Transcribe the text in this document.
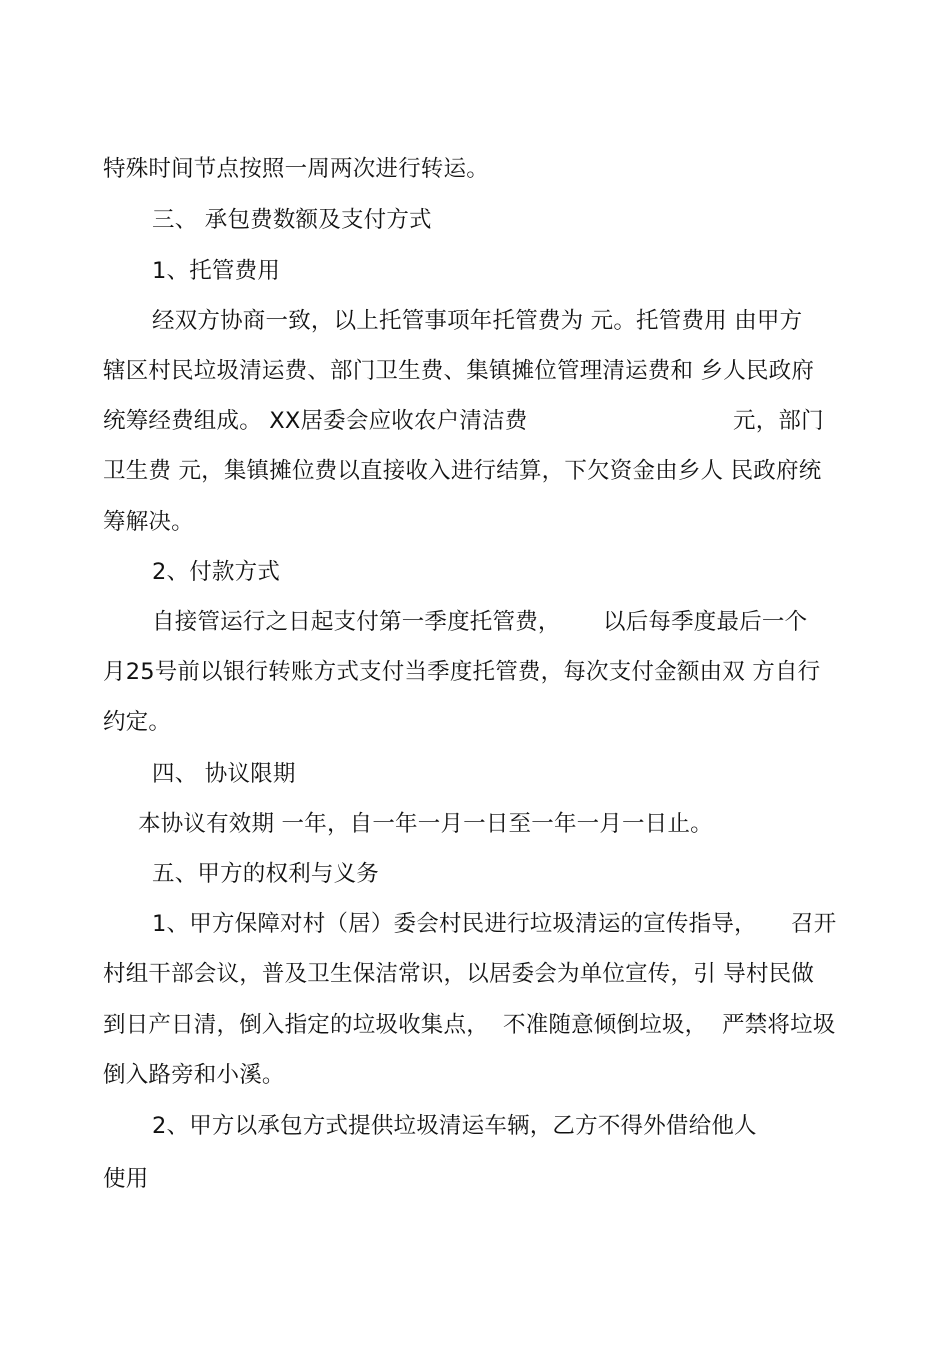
特殊时间节点按照一周两次进行转运。
三、 承包费数额及支付方式
1、托管费用
经双方协商一致，以上托管事项年托管费为 元。托管费用 由甲方
辖区村民垃圾清运费、部门卫生费、集镇摊位管理清运费和 乡人民政府
统筹经费组成。 XX居委会应收农户清洁费	元，部门
卫生费 元，集镇摊位费以直接收入进行结算，下欠资金由乡人 民政府统
筹解决。
2、付款方式
自接管运行之日起支付第一季度托管费， 以后每季度最后一个
月25号前以银行转账方式支付当季度托管费，每次支付金额由双 方自行
约定。
四、 协议限期
本协议有效期 一年，自一年一月一日至一年一月一日止。
五、甲方的权利与义务
1、甲方保障对村（居）委会村民进行垃圾清运的宣传指导， 召开
村组干部会议，普及卫生保洁常识，以居委会为单位宣传，引 导村民做
到日产日清，倒入指定的垃圾收集点， 不准随意倾倒垃圾， 严禁将垃圾
倒入路旁和小溪。
2、甲方以承包方式提供垃圾清运车辆，乙方不得外借给他人
使用
